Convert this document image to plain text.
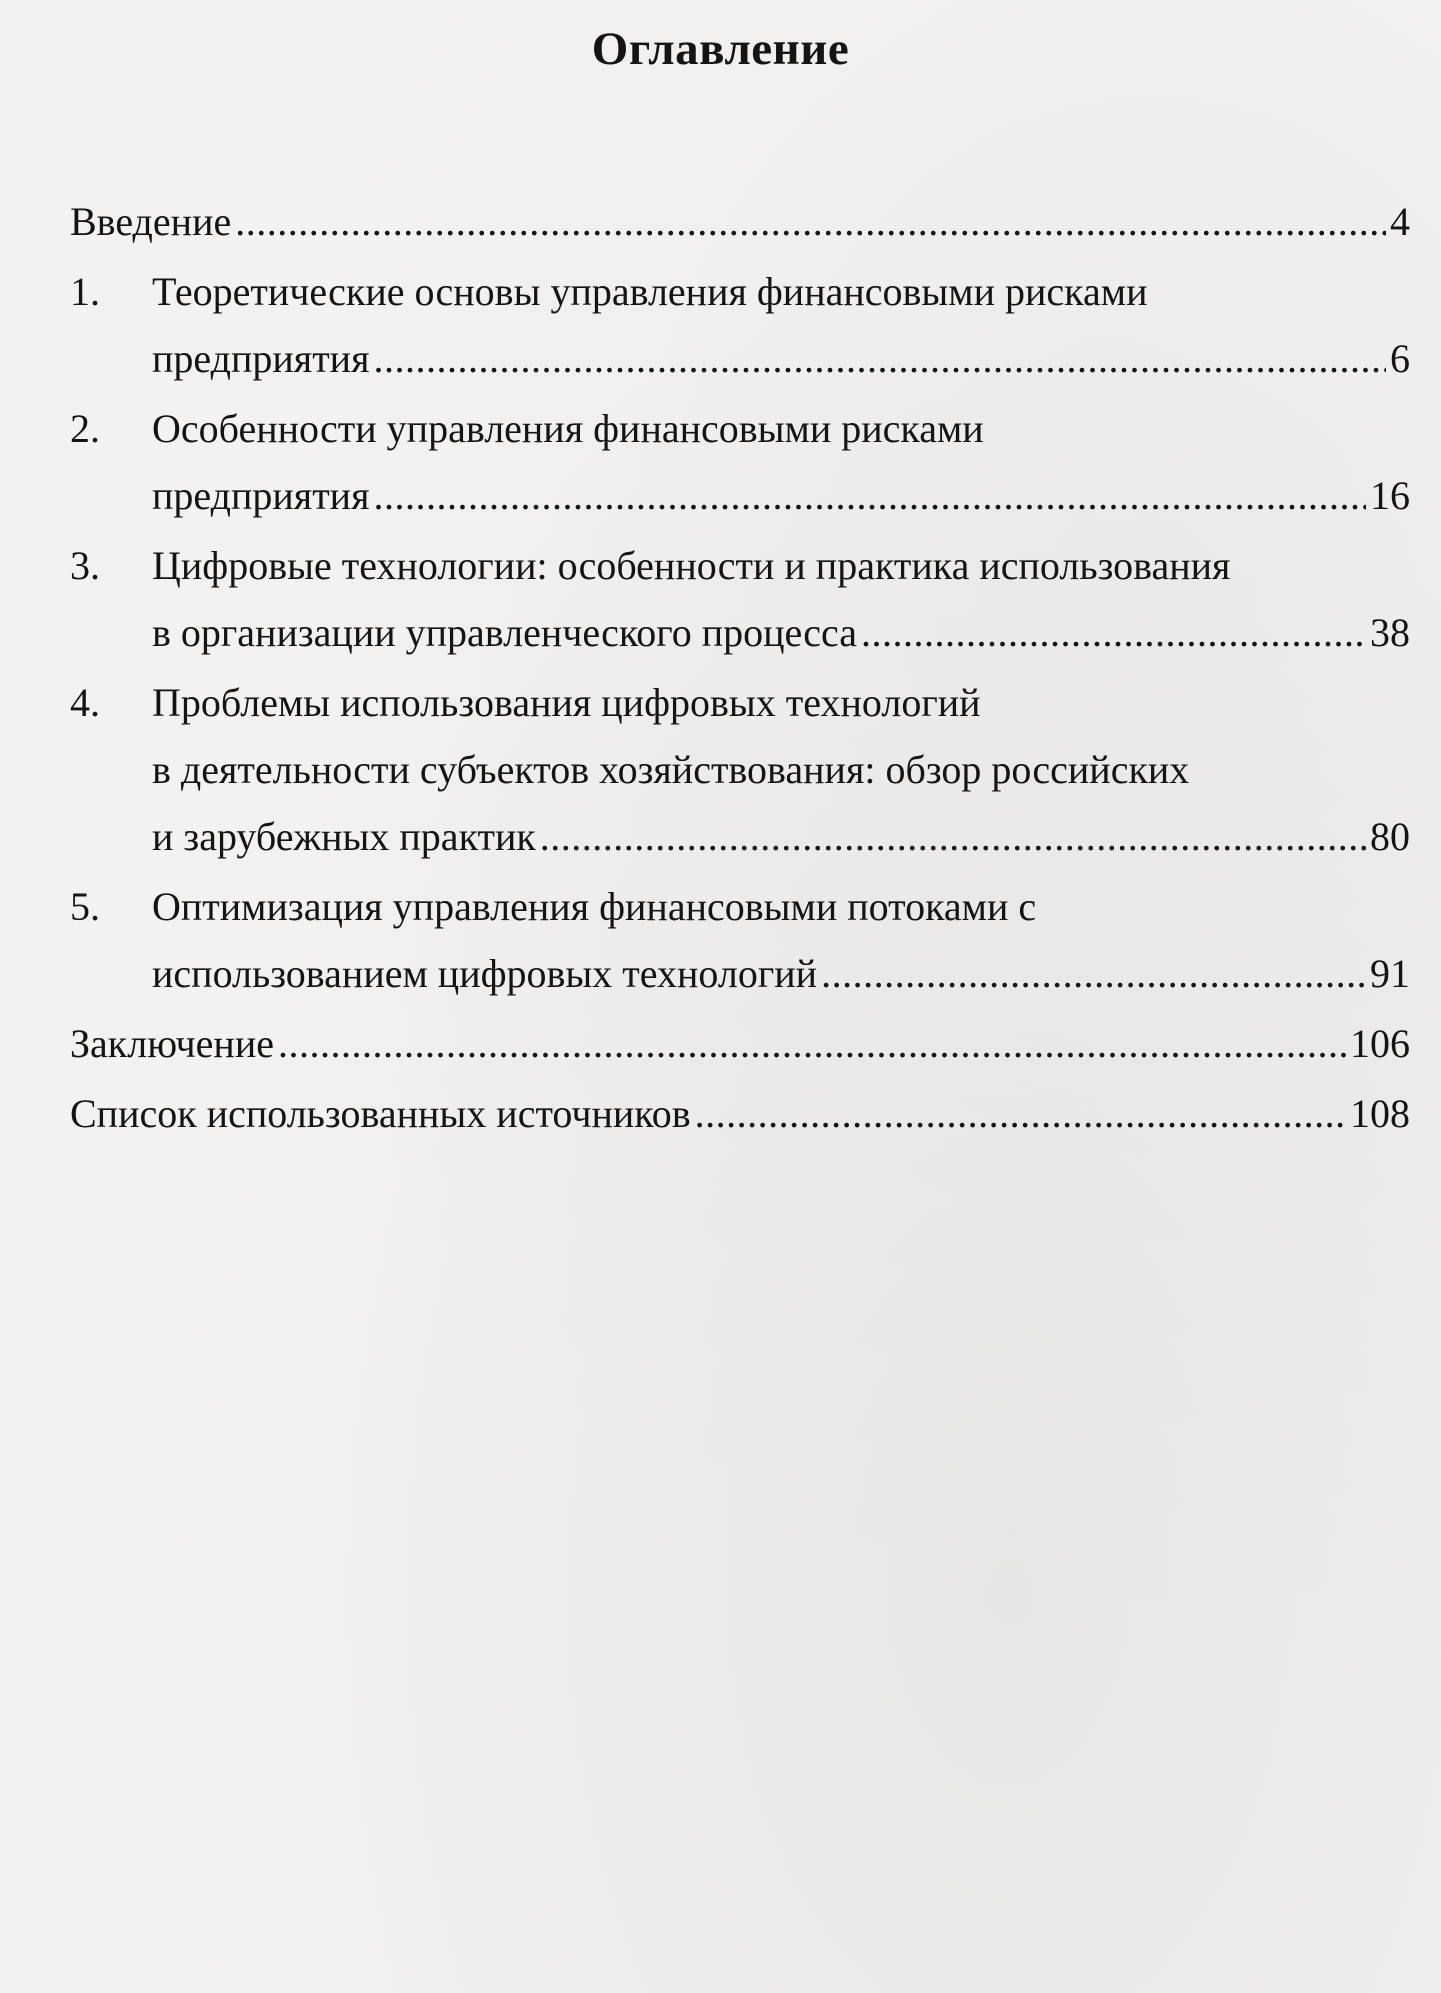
Оглавление
Введение .....	4
1.	Теоретические основы управления финансовыми рисками
предприятия .....	6
2.	Особенности управления финансовыми рисками
предприятия .....	16
3.	Цифровые технологии: особенности и практика использования
в организации управленческого процесса .....	38
4.	Проблемы использования цифровых технологий
в деятельности субъектов хозяйствования: обзор российских
и зарубежных практик .....	80
5.	Оптимизация управления финансовыми потоками с
использованием цифровых технологий .....	91
Заключение .....	106
Список использованных источников .....	108
